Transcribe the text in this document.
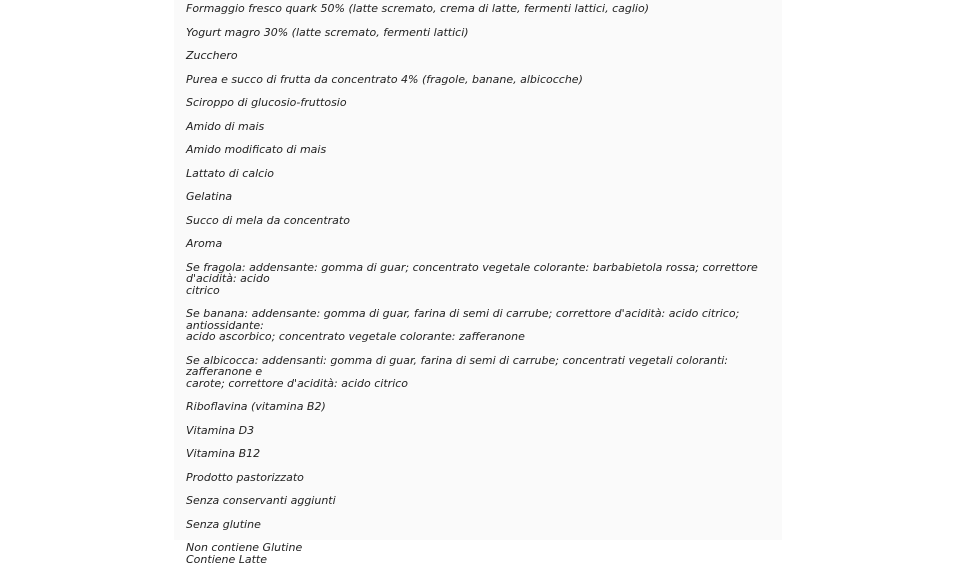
Formaggio fresco quark 50% (latte scremato, crema di latte, fermenti lattici, caglio)
Yogurt magro 30% (latte scremato, fermenti lattici)
Zucchero
Purea e succo di frutta da concentrato 4% (fragole, banane, albicocche)
Sciroppo di glucosio-fruttosio
Amido di mais
Amido modificato di mais
Lattato di calcio
Gelatina
Succo di mela da concentrato
Aroma
Se fragola: addensante: gomma di guar; concentrato vegetale colorante: barbabietola rossa; correttore d'acidità: acido
citrico
Se banana: addensante: gomma di guar, farina di semi di carrube; correttore d'acidità: acido citrico; antiossidante:
acido ascorbico; concentrato vegetale colorante: zafferanone
Se albicocca: addensanti: gomma di guar, farina di semi di carrube; concentrati vegetali coloranti: zafferanone e
carote; correttore d'acidità: acido citrico
Riboflavina (vitamina B2)
Vitamina D3
Vitamina B12
Prodotto pastorizzato
Senza conservanti aggiunti
Senza glutine
Non contiene Glutine
Contiene Latte
